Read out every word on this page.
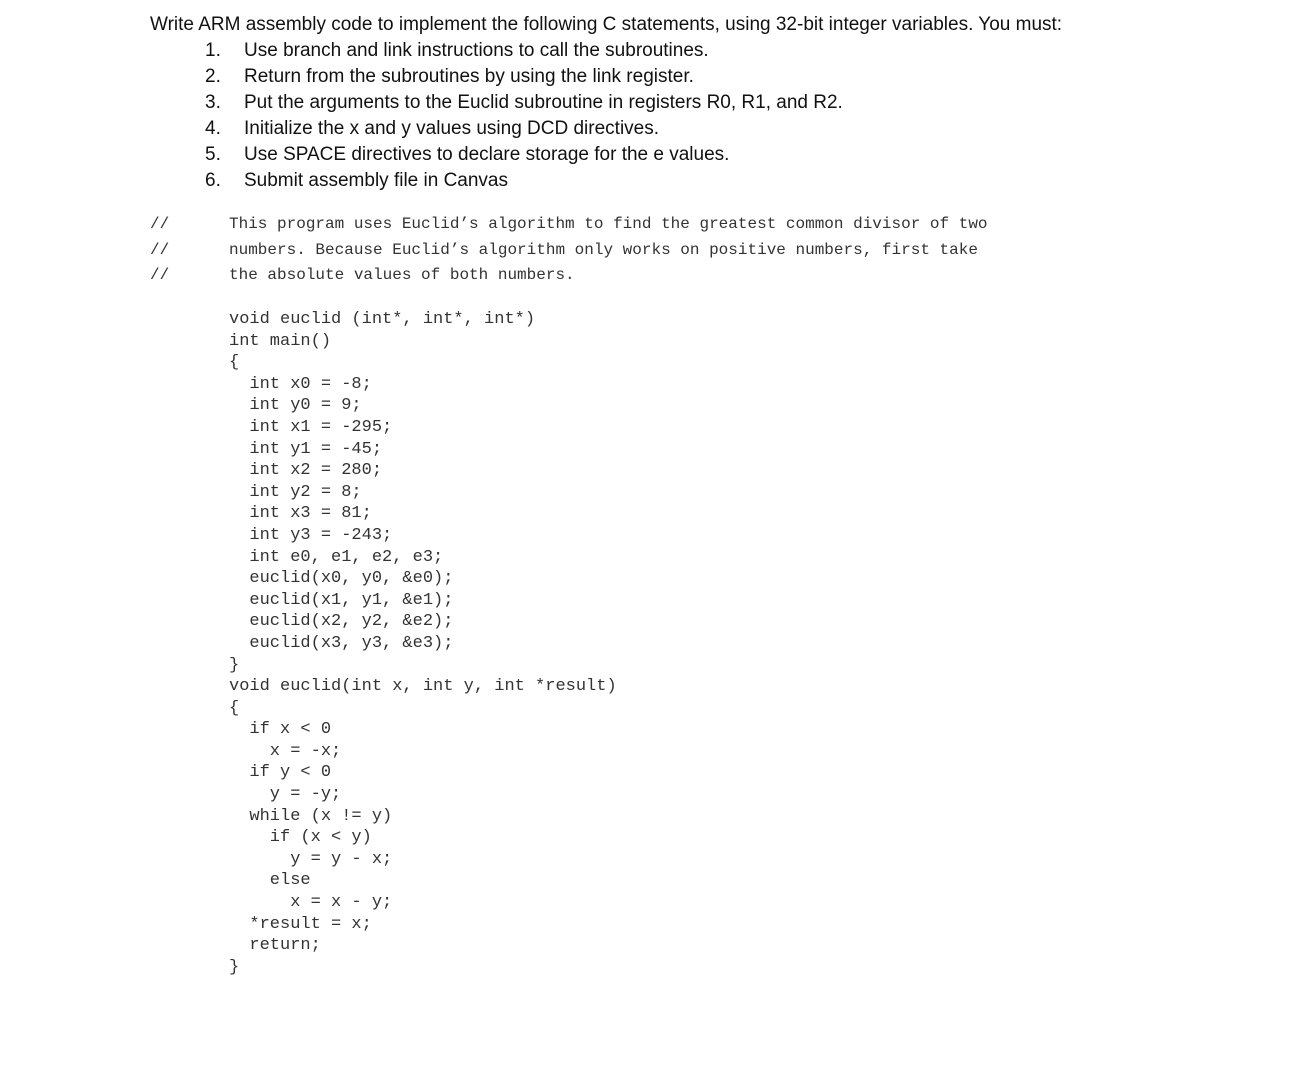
Write ARM assembly code to implement the following C statements, using 32-bit integer variables. You must:
1. Use branch and link instructions to call the subroutines.
2. Return from the subroutines by using the link register.
3. Put the arguments to the Euclid subroutine in registers R0, R1, and R2.
4. Initialize the x and y values using DCD directives.
5. Use SPACE directives to declare storage for the e values.
6. Submit assembly file in Canvas
//
//
//
This program uses Euclid’s algorithm to find the greatest common divisor of two
numbers. Because Euclid’s algorithm only works on positive numbers, first take
the absolute values of both numbers.
void euclid (int*, int*, int*)
int main()
{
int x0 = -8;
int y0 = 9;
int x1 = -295;
int y1 = -45;
int x2 = 280;
int y2 = 8;
int x3 = 81;
int y3 = -243;
int e0, e1, e2, e3;
euclid(x0, y0, &e0);
euclid(x1, y1, &e1);
euclid(x2, y2, &e2);
euclid(x3, y3, &e3);
}
void euclid(int x, int y, int *result)
{
if x < 0
x = -x;
if y < 0
y = -y;
while (x != y)
if (x < y)
y = y - x;
else
x = x - y;
*result = x;
return;
}
